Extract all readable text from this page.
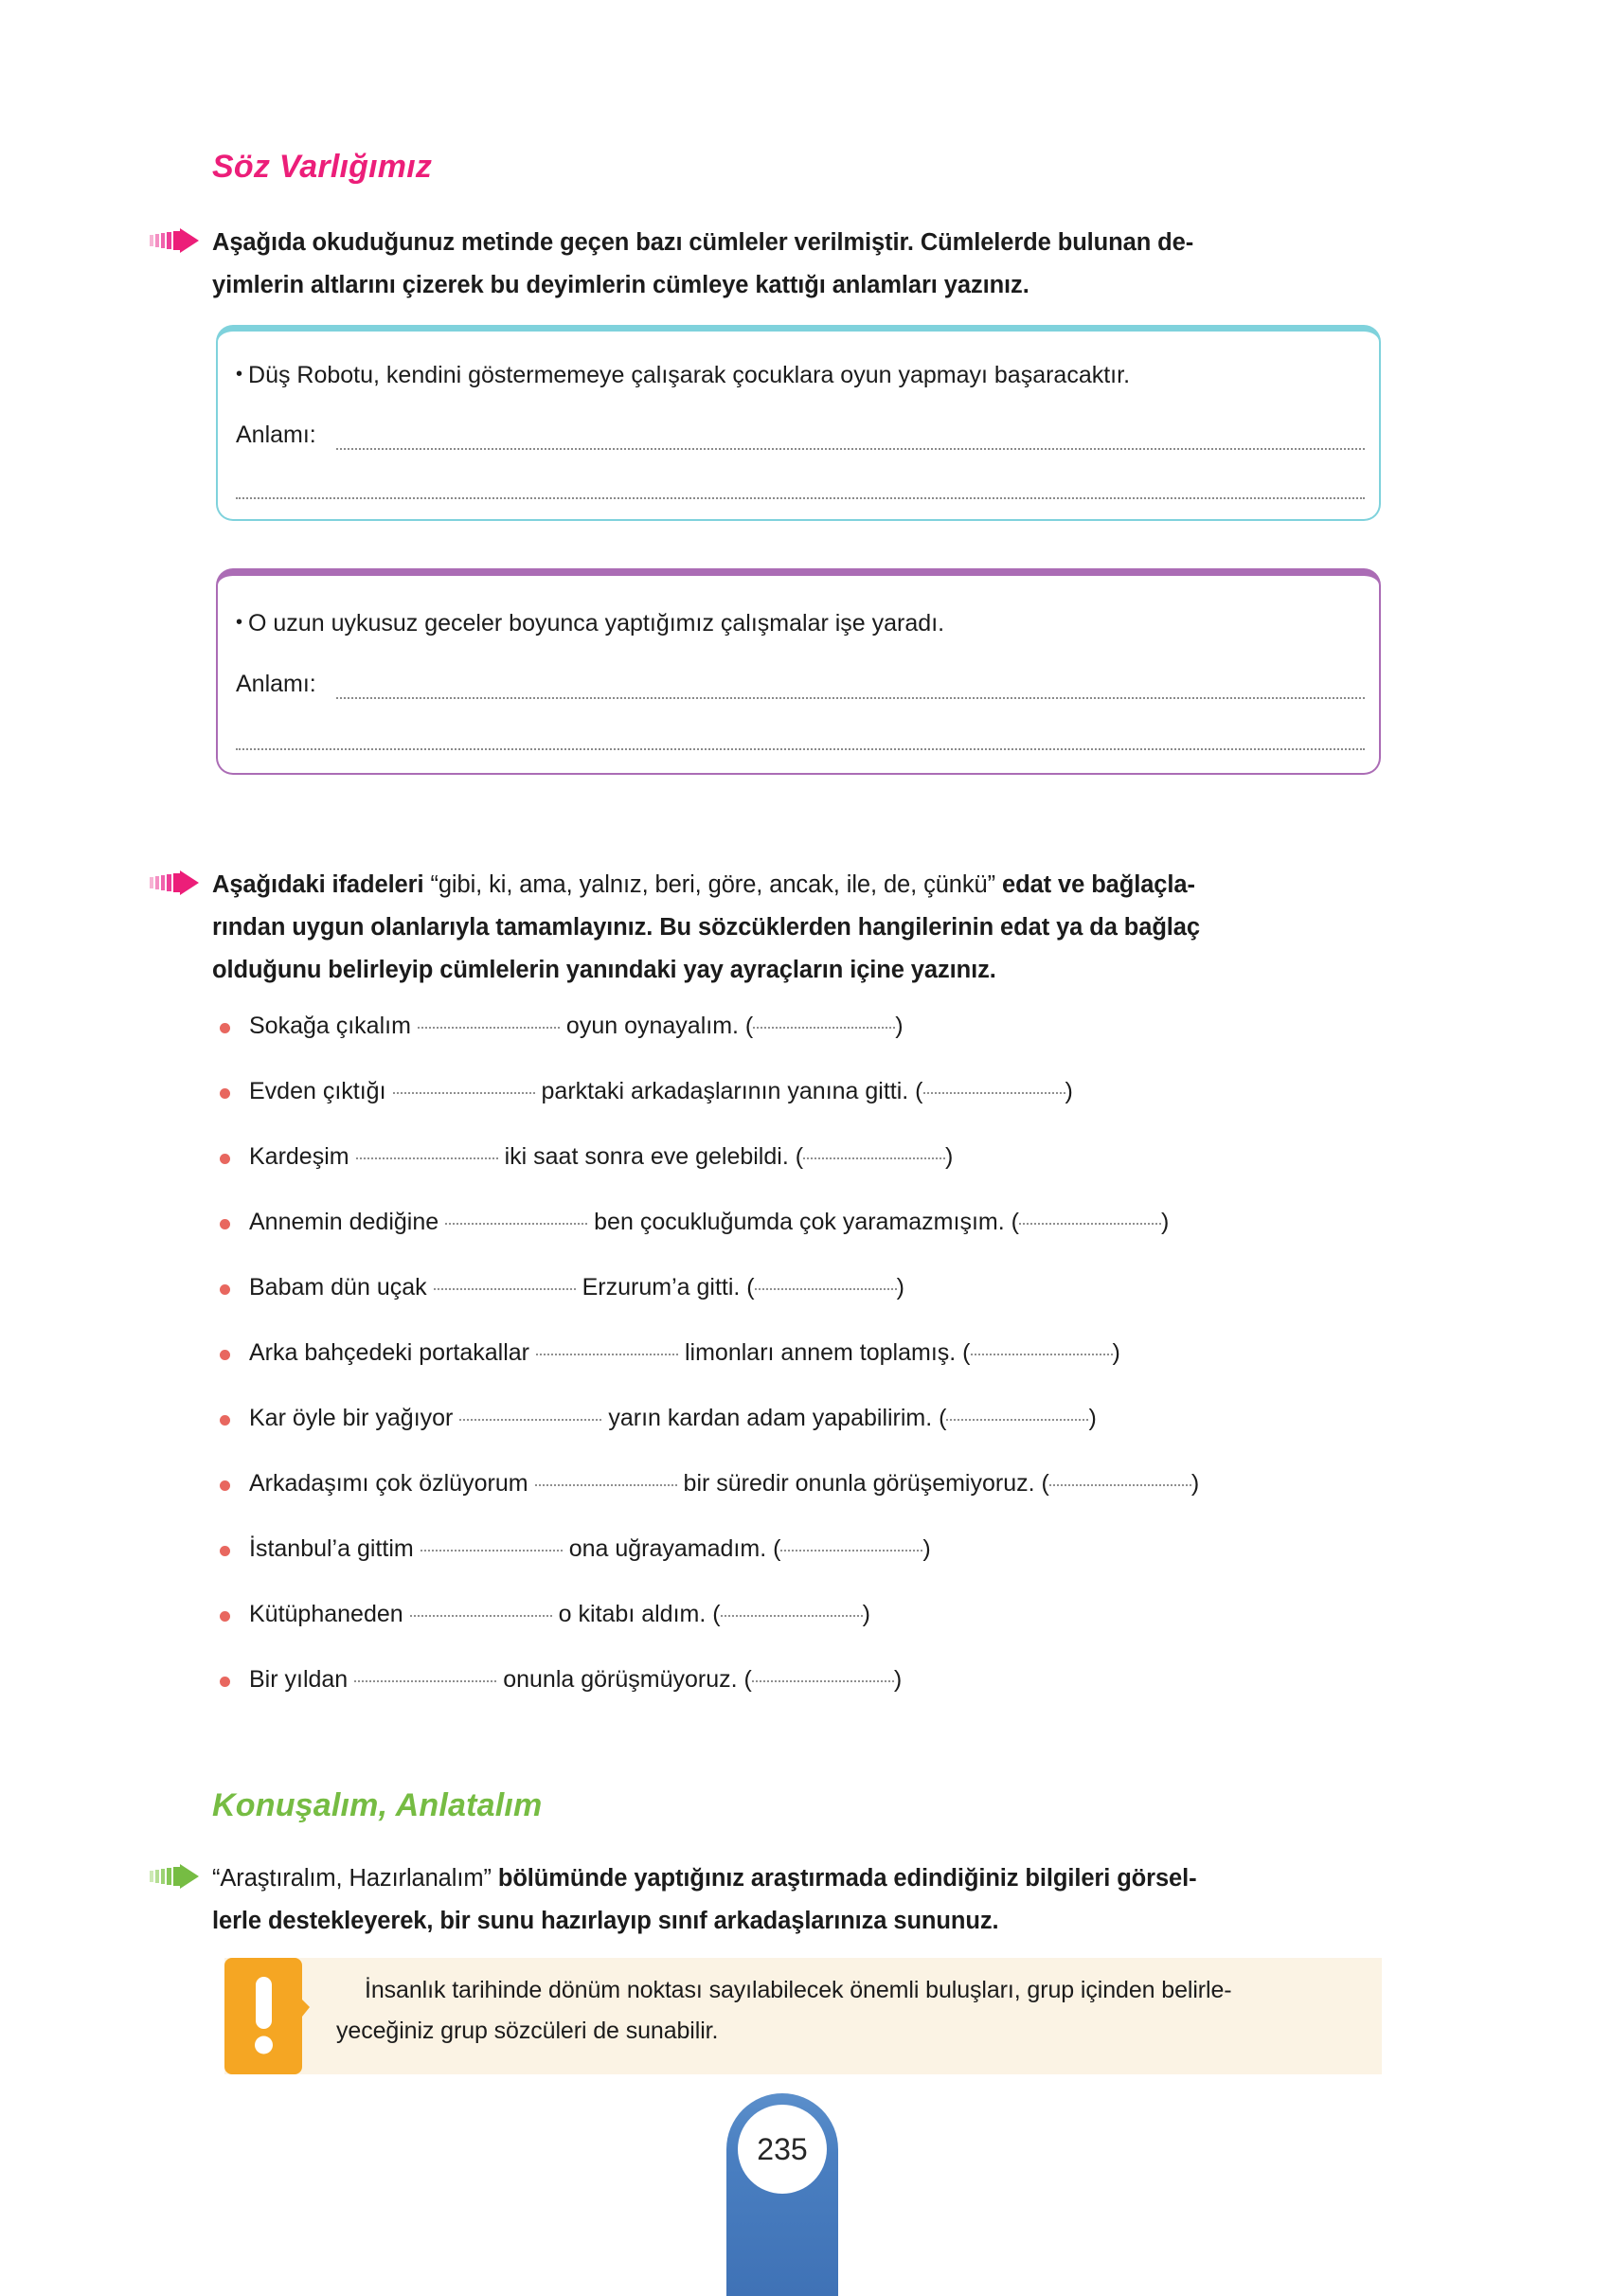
Söz Varlığımız
Aşağıda okuduğunuz metinde geçen bazı cümleler verilmiştir. Cümlelerde bulunan de-
yimlerin altlarını çizerek bu deyimlerin cümleye kattığı anlamları yazınız.
• Düş Robotu, kendini göstermemeye çalışarak çocuklara oyun yapmayı başaracaktır.
Anlamı:
• O uzun uykusuz geceler boyunca yaptığımız çalışmalar işe yaradı.
Anlamı:
Aşağıdaki ifadeleri “gibi, ki, ama, yalnız, beri, göre, ancak, ile, de, çünkü” edat ve bağlaçla-
rından uygun olanlarıyla tamamlayınız. Bu sözcüklerden hangilerinin edat ya da bağlaç
olduğunu belirleyip cümlelerin yanındaki yay ayraçların içine yazınız.
Sokağa çıkalım	oyun oynayalım. (	)
Evden çıktığı	parktaki arkadaşlarının yanına gitti. (	)
Kardeşim	iki saat sonra eve gelebildi. (	)
Annemin dediğine	ben çocukluğumda çok yaramazmışım. (	)
Babam dün uçak	Erzurum’a gitti. (	)
Arka bahçedeki portakallar	limonları annem toplamış. (	)
Kar öyle bir yağıyor	yarın kardan adam yapabilirim. (	)
Arkadaşımı çok özlüyorum	bir süredir onunla görüşemiyoruz. (	)
İstanbul’a gittim	ona uğrayamadım. (	)
Kütüphaneden	o kitabı aldım. (	)
Bir yıldan	onunla görüşmüyoruz. (	)
Konuşalım, Anlatalım
“Araştıralım, Hazırlanalım” bölümünde yaptığınız araştırmada edindiğiniz bilgileri görsel-
lerle destekleyerek, bir sunu hazırlayıp sınıf arkadaşlarınıza sununuz.
İnsanlık tarihinde dönüm noktası sayılabilecek önemli buluşları, grup içinden belirle-
yeceğiniz grup sözcüleri de sunabilir.
235
